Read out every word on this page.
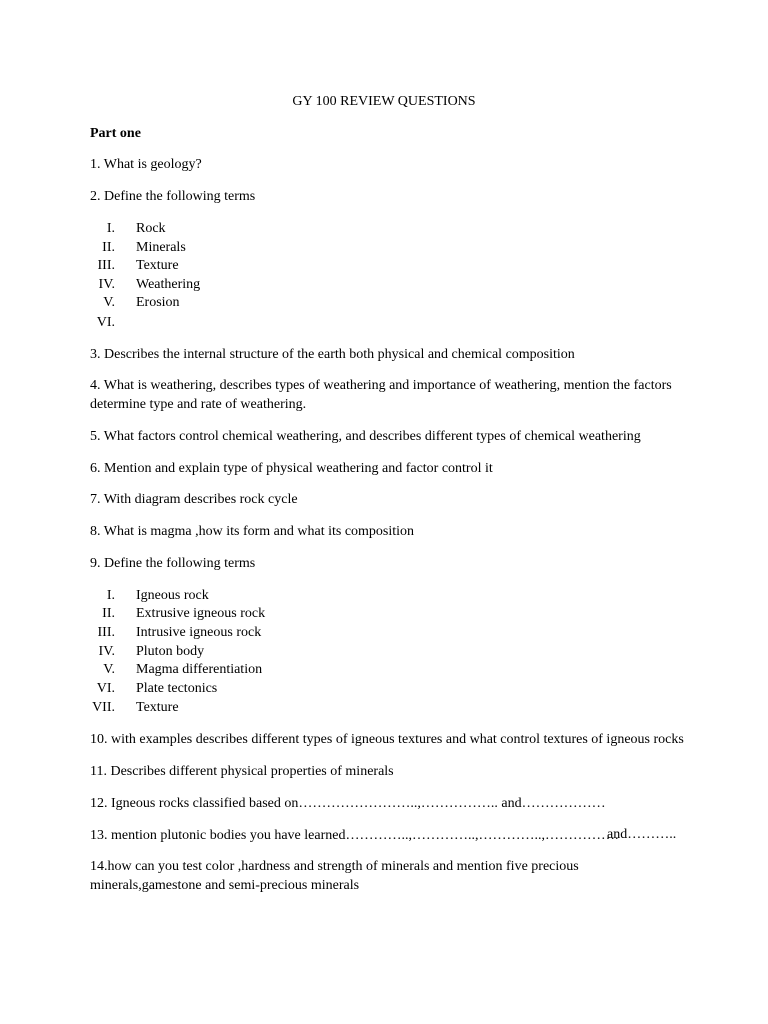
GY 100 REVIEW QUESTIONS
Part one
1. What is geology?
2. Define the following terms
I. Rock
II. Minerals
III. Texture
IV. Weathering
V. Erosion
VI.
3. Describes the internal structure of the earth both physical and chemical composition
4. What is weathering, describes types of weathering and importance of weathering, mention the factors
determine type and rate of weathering.
5. What factors control chemical weathering, and describes different types of chemical weathering
6. Mention and explain type of physical weathering and factor control it
7. With diagram describes rock cycle
8. What is magma ,how its form and what its composition
9. Define the following terms
I. Igneous rock
II. Extrusive igneous rock
III. Intrusive igneous rock
IV. Pluton body
V. Magma differentiation
VI. Plate tectonics
VII. Texture
10. with examples describes different types of igneous textures and what control textures of igneous rocks
11. Describes different physical properties of minerals
12. Igneous rocks classified based on……………………..,…………….. and………………
13. mention plutonic bodies you have learned…………..,…………..,…………..,…………….
and………..
14.how can you test color ,hardness and strength of minerals and mention five precious
minerals,gamestone and semi-precious minerals
